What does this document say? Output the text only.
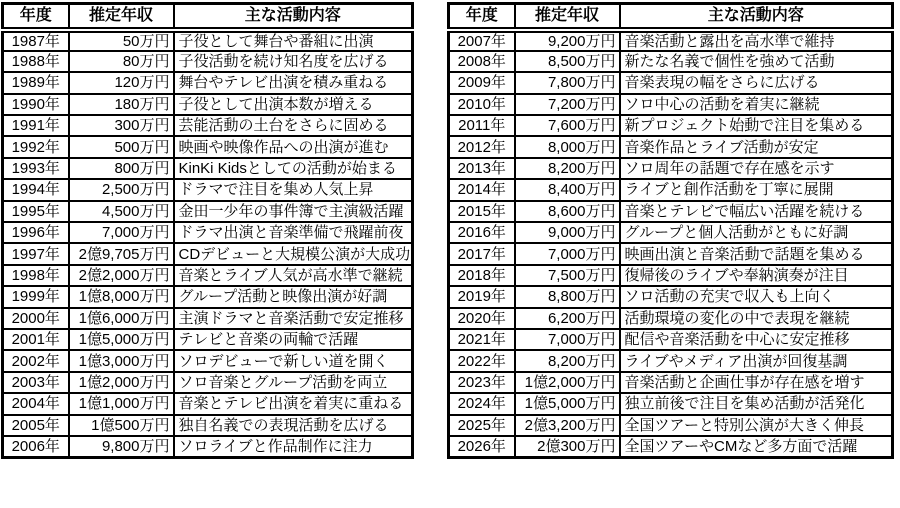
年度	推定年収	主な活動内容
1987年	50万円	子役として舞台や番組に出演
1988年	80万円	子役活動を続け知名度を広げる
1989年	120万円	舞台やテレビ出演を積み重ねる
1990年	180万円	子役として出演本数が増える
1991年	300万円	芸能活動の土台をさらに固める
1992年	500万円	映画や映像作品への出演が進む
1993年	800万円	KinKi Kidsとしての活動が始まる
1994年	2,500万円	ドラマで注目を集め人気上昇
1995年	4,500万円	金田一少年の事件簿で主演級活躍
1996年	7,000万円	ドラマ出演と音楽準備で飛躍前夜
1997年	2億9,705万円	CDデビューと大規模公演が大成功
1998年	2億2,000万円	音楽とライブ人気が高水準で継続
1999年	1億8,000万円	グループ活動と映像出演が好調
2000年	1億6,000万円	主演ドラマと音楽活動で安定推移
2001年	1億5,000万円	テレビと音楽の両輪で活躍
2002年	1億3,000万円	ソロデビューで新しい道を開く
2003年	1億2,000万円	ソロ音楽とグループ活動を両立
2004年	1億1,000万円	音楽とテレビ出演を着実に重ねる
2005年	1億500万円	独自名義での表現活動を広げる
2006年	9,800万円	ソロライブと作品制作に注力
年度	推定年収	主な活動内容
2007年	9,200万円	音楽活動と露出を高水準で維持
2008年	8,500万円	新たな名義で個性を強めて活動
2009年	7,800万円	音楽表現の幅をさらに広げる
2010年	7,200万円	ソロ中心の活動を着実に継続
2011年	7,600万円	新プロジェクト始動で注目を集める
2012年	8,000万円	音楽作品とライブ活動が安定
2013年	8,200万円	ソロ周年の話題で存在感を示す
2014年	8,400万円	ライブと創作活動を丁寧に展開
2015年	8,600万円	音楽とテレビで幅広い活躍を続ける
2016年	9,000万円	グループと個人活動がともに好調
2017年	7,000万円	映画出演と音楽活動で話題を集める
2018年	7,500万円	復帰後のライブや奉納演奏が注目
2019年	8,800万円	ソロ活動の充実で収入も上向く
2020年	6,200万円	活動環境の変化の中で表現を継続
2021年	7,000万円	配信や音楽活動を中心に安定推移
2022年	8,200万円	ライブやメディア出演が回復基調
2023年	1億2,000万円	音楽活動と企画仕事が存在感を増す
2024年	1億5,000万円	独立前後で注目を集め活動が活発化
2025年	2億3,200万円	全国ツアーと特別公演が大きく伸長
2026年	2億300万円	全国ツアーやCMなど多方面で活躍
